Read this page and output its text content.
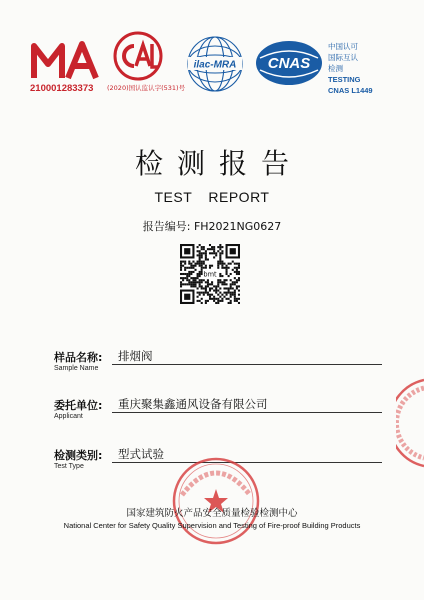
210001283373 (2020)国认监认字(531)号
ilac-MRA CNAS
中国认可
国际互认
检测
TESTING
CNAS L1449
检测报告
TEST REPORT
报告编号: FH2021NG0627
bmt
样品名称:
Sample Name
排烟阀
委托单位:
Applicant
重庆聚集鑫通风设备有限公司
检测类别:
Test Type
型式试验
国家建筑防火产品安全质量检验检测中心
National Center for Safety Quality Supervision and Testing of Fire-proof Building Products
